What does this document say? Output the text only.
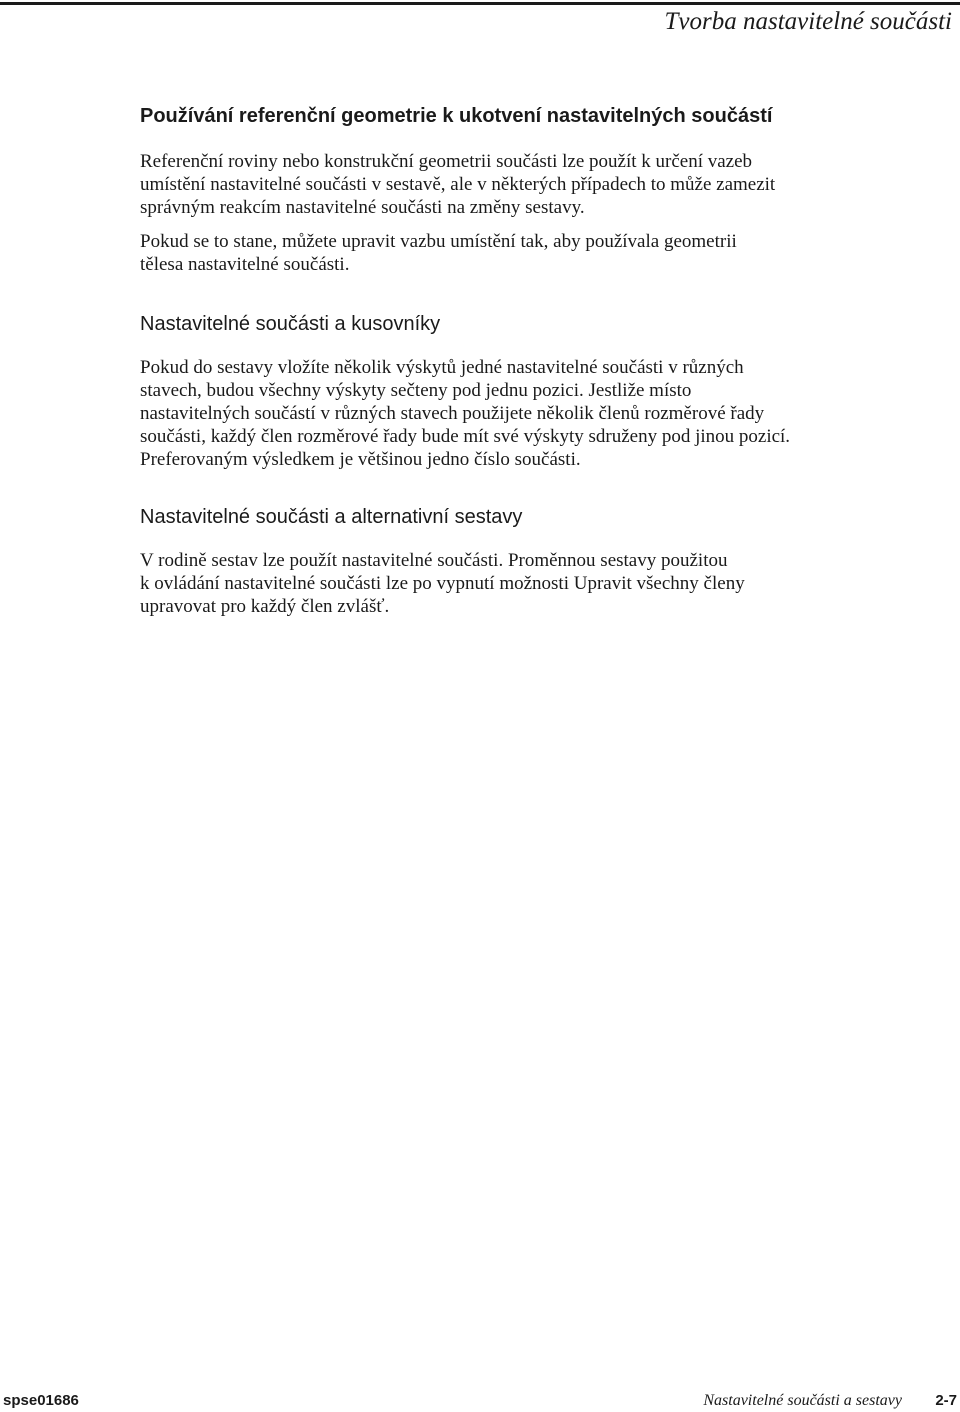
Tvorba nastavitelné součásti
Používání referenční geometrie k ukotvení nastavitelných součástí

Referenční roviny nebo konstrukční geometrii součásti lze použít k určení vazeb
umístění nastavitelné součásti v sestavě, ale v některých případech to může zamezit
správným reakcím nastavitelné součásti na změny sestavy.

Pokud se to stane, můžete upravit vazbu umístění tak, aby používala geometrii
tělesa nastavitelné součásti.

Nastavitelné součásti a kusovníky

Pokud do sestavy vložíte několik výskytů jedné nastavitelné součásti v různých
stavech, budou všechny výskyty sečteny pod jednu pozici. Jestliže místo
nastavitelných součástí v různých stavech použijete několik členů rozměrové řady
součásti, každý člen rozměrové řady bude mít své výskyty sdruženy pod jinou pozicí.
Preferovaným výsledkem je většinou jedno číslo součásti.

Nastavitelné součásti a alternativní sestavy

V rodině sestav lze použít nastavitelné součásti. Proměnnou sestavy použitou
k ovládání nastavitelné součásti lze po vypnutí možnosti Upravit všechny členy
upravovat pro každý člen zvlášť.

spse01686	Nastavitelné součásti a sestavy 2-7
